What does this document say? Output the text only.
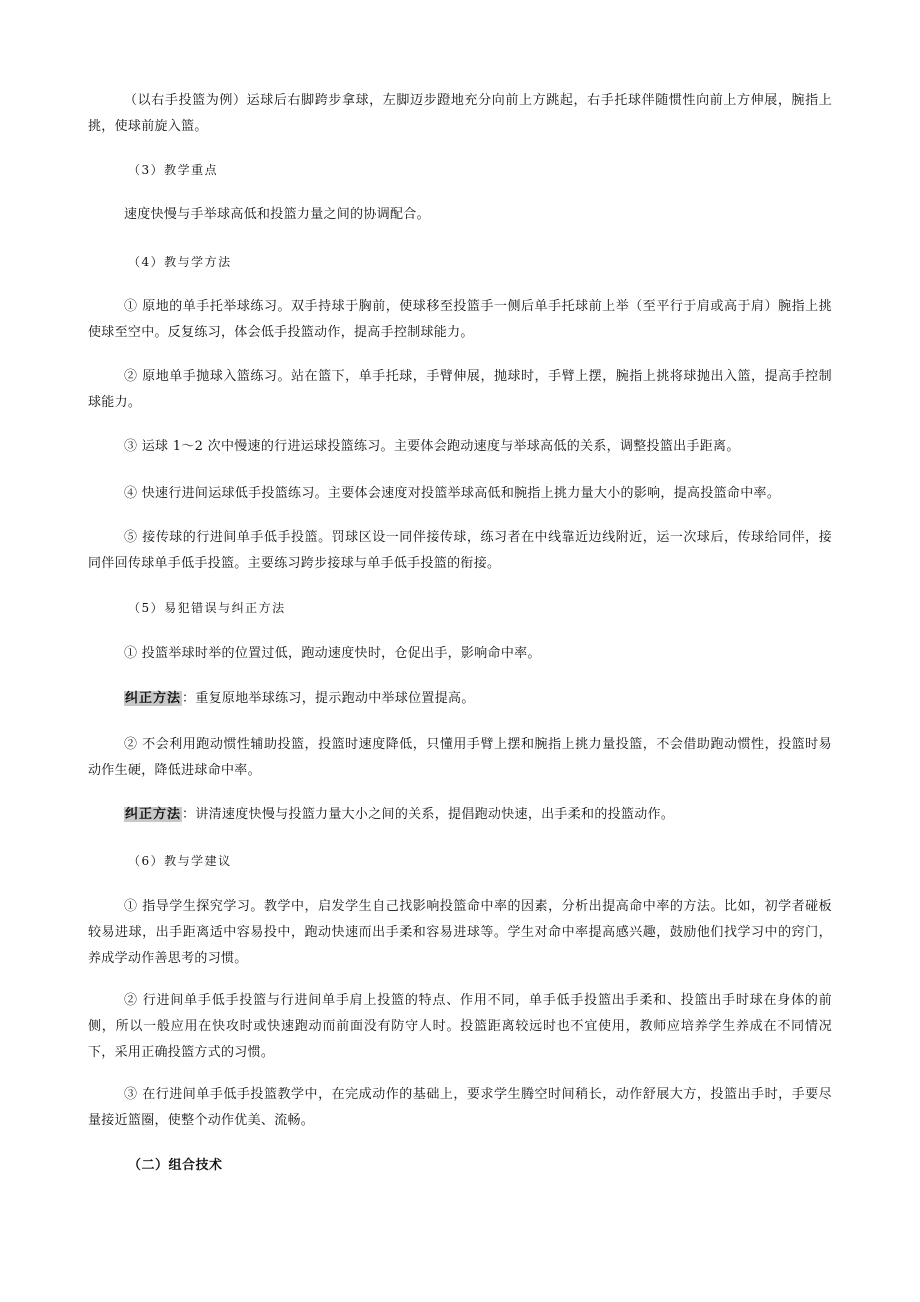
（以右手投篮为例）运球后右脚跨步拿球，左脚迈步蹬地充分向前上方跳起，右手托球伴随惯性向前上方伸展，腕指上挑，使球前旋入篮。
（3）教学重点
速度快慢与手举球高低和投篮力量之间的协调配合。
（4）教与学方法
① 原地的单手托举球练习。双手持球于胸前，使球移至投篮手一侧后单手托球前上举（至平行于肩或高于肩）腕指上挑使球至空中。反复练习，体会低手投篮动作，提高手控制球能力。
② 原地单手抛球入篮练习。站在篮下，单手托球，手臂伸展，抛球时，手臂上摆，腕指上挑将球抛出入篮，提高手控制球能力。
③ 运球 1～2 次中慢速的行进运球投篮练习。主要体会跑动速度与举球高低的关系，调整投篮出手距离。
④ 快速行进间运球低手投篮练习。主要体会速度对投篮举球高低和腕指上挑力量大小的影响，提高投篮命中率。
⑤ 接传球的行进间单手低手投篮。罚球区设一同伴接传球，练习者在中线靠近边线附近，运一次球后，传球给同伴，接同伴回传球单手低手投篮。主要练习跨步接球与单手低手投篮的衔接。
（5）易犯错误与纠正方法
① 投篮举球时举的位置过低，跑动速度快时，仓促出手，影响命中率。
纠正方法：重复原地举球练习，提示跑动中举球位置提高。
② 不会利用跑动惯性辅助投篮，投篮时速度降低，只懂用手臂上摆和腕指上挑力量投篮，不会借助跑动惯性，投篮时易动作生硬，降低进球命中率。
纠正方法：讲清速度快慢与投篮力量大小之间的关系，提倡跑动快速，出手柔和的投篮动作。
（6）教与学建议
① 指导学生探究学习。教学中，启发学生自己找影响投篮命中率的因素，分析出提高命中率的方法。比如，初学者碰板较易进球，出手距离适中容易投中，跑动快速而出手柔和容易进球等。学生对命中率提高感兴趣，鼓励他们找学习中的窍门，养成学动作善思考的习惯。
② 行进间单手低手投篮与行进间单手肩上投篮的特点、作用不同，单手低手投篮出手柔和、投篮出手时球在身体的前侧，所以一般应用在快攻时或快速跑动而前面没有防守人时。投篮距离较远时也不宜使用，教师应培养学生养成在不同情况下，采用正确投篮方式的习惯。
③ 在行进间单手低手投篮教学中，在完成动作的基础上，要求学生腾空时间稍长，动作舒展大方，投篮出手时，手要尽量接近篮圈，使整个动作优美、流畅。
（二）组合技术
